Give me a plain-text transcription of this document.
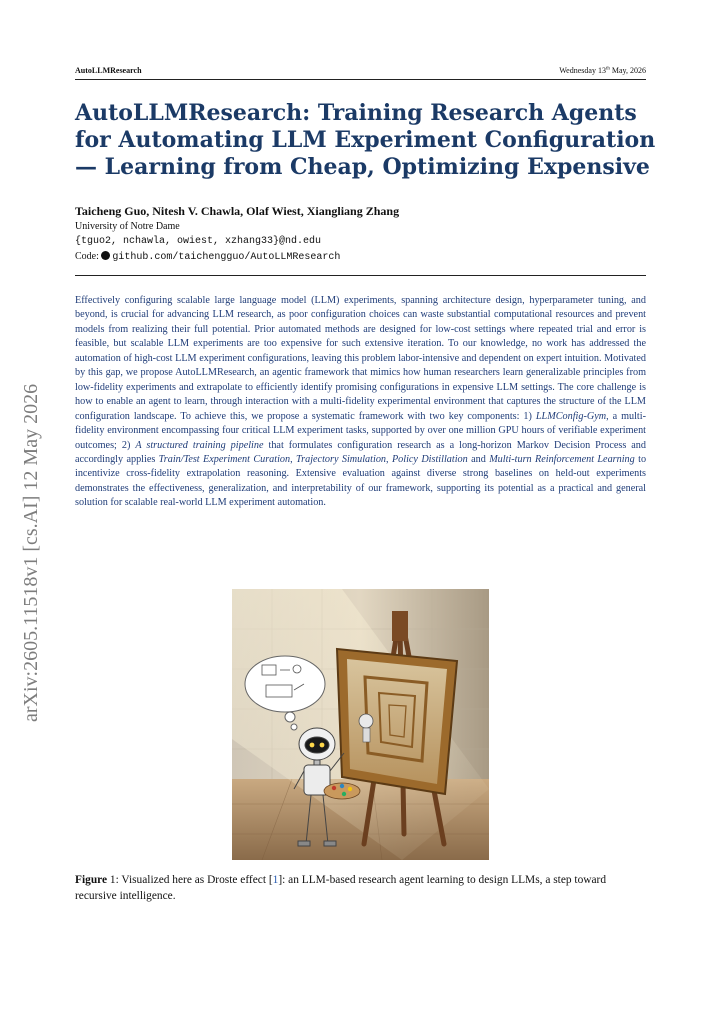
AutoLLMResearch	Wednesday 13th May, 2026
AutoLLMResearch: Training Research Agents
for Automating LLM Experiment Configuration
— Learning from Cheap, Optimizing Expensive
Taicheng Guo, Nitesh V. Chawla, Olaf Wiest, Xiangliang Zhang
University of Notre Dame
{tguo2, nchawla, owiest, xzhang33}@nd.edu
Code: github.com/taichengguo/AutoLLMResearch
arXiv:2605.11518v1 [cs.AI] 12 May 2026

Effectively configuring scalable large language model (LLM) experiments, spanning architecture design, hyperparameter tuning, and beyond, is crucial for advancing LLM research, as poor configuration choices can waste substantial computational resources and prevent models from realizing their full potential. Prior automated methods are designed for low-cost settings where repeated trial and error is feasible, but scalable LLM experiments are too expensive for such extensive iteration. To our knowledge, no work has addressed the automation of high-cost LLM experiment configurations, leaving this problem labor-intensive and dependent on expert intuition. Motivated by this gap, we propose AutoLLMResearch, an agentic framework that mimics how human researchers learn generalizable principles from low-fidelity experiments and extrapolate to efficiently identify promising configurations in expensive LLM settings. The core challenge is how to enable an agent to learn, through interaction with a multi-fidelity experimental environment that captures the structure of the LLM configuration landscape. To achieve this, we propose a systematic framework with two key components: 1) LLMConfig-Gym, a multi-fidelity environment encompassing four critical LLM experiment tasks, supported by over one million GPU hours of verifiable experiment outcomes; 2) A structured training pipeline that formulates configuration research as a long-horizon Markov Decision Process and accordingly applies Train/Test Experiment Curation, Trajectory Simulation, Policy Distillation and Multi-turn Reinforcement Learning to incentivize cross-fidelity extrapolation reasoning. Extensive evaluation against diverse strong baselines on held-out experiments demonstrates the effectiveness, generalization, and interpretability of our framework, supporting its potential as a practical and general solution for scalable real-world LLM experiment automation.

Figure 1: Visualized here as Droste effect [1]: an LLM-based research agent learning to design LLMs, a step toward recursive intelligence.
